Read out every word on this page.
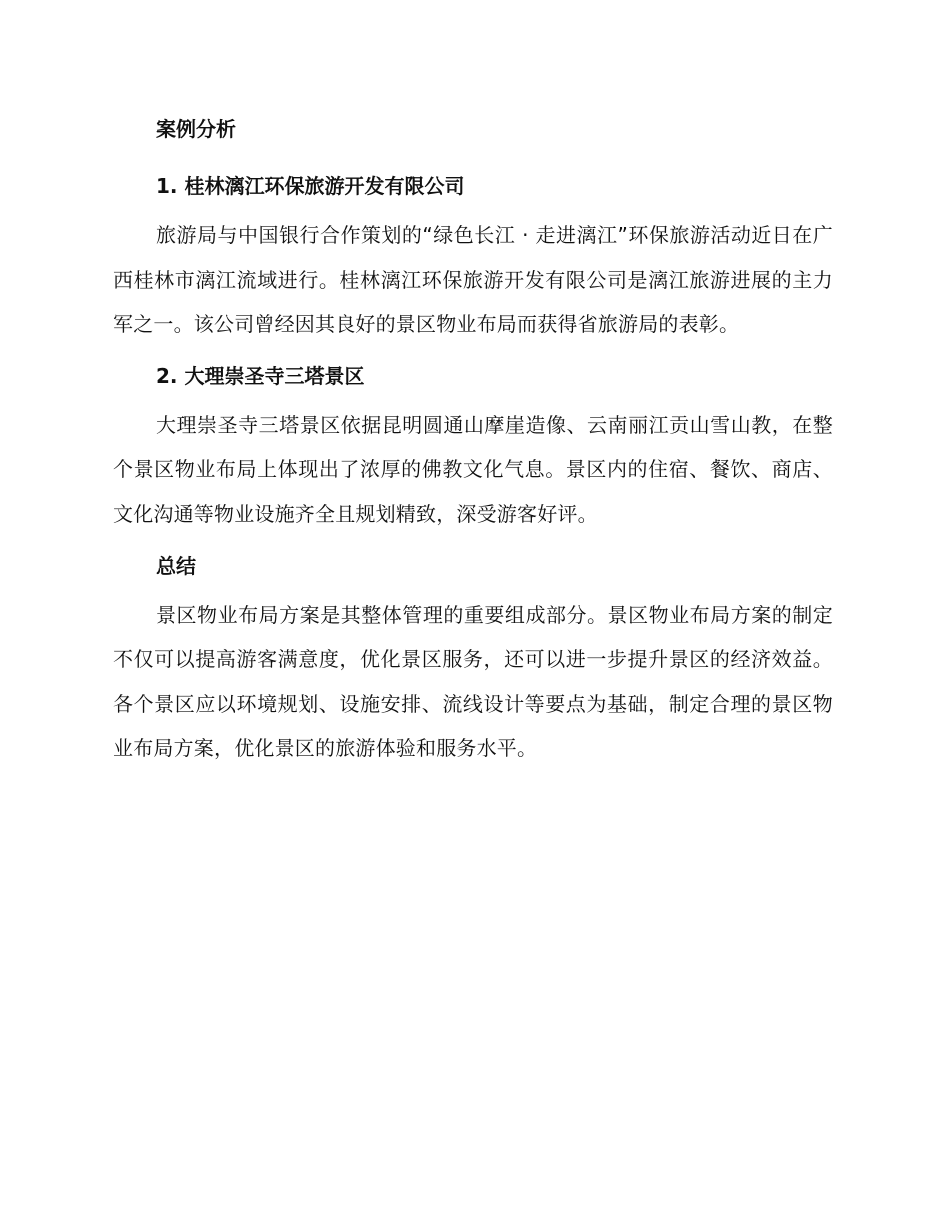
案例分析
1. 桂林漓江环保旅游开发有限公司

旅游局与中国银行合作策划的“绿色长江 · 走进漓江”环保旅游活动近日在广西桂林市漓江流域进行。桂林漓江环保旅游开发有限公司是漓江旅游进展的主力军之一。该公司曾经因其良好的景区物业布局而获得省旅游局的表彰。

2. 大理崇圣寺三塔景区

大理崇圣寺三塔景区依据昆明圆通山摩崖造像、云南丽江贡山雪山教，在整个景区物业布局上体现出了浓厚的佛教文化气息。景区内的住宿、餐饮、商店、文化沟通等物业设施齐全且规划精致，深受游客好评。

总结

景区物业布局方案是其整体管理的重要组成部分。景区物业布局方案的制定不仅可以提高游客满意度，优化景区服务，还可以进一步提升景区的经济效益。各个景区应以环境规划、设施安排、流线设计等要点为基础，制定合理的景区物业布局方案，优化景区的旅游体验和服务水平。
